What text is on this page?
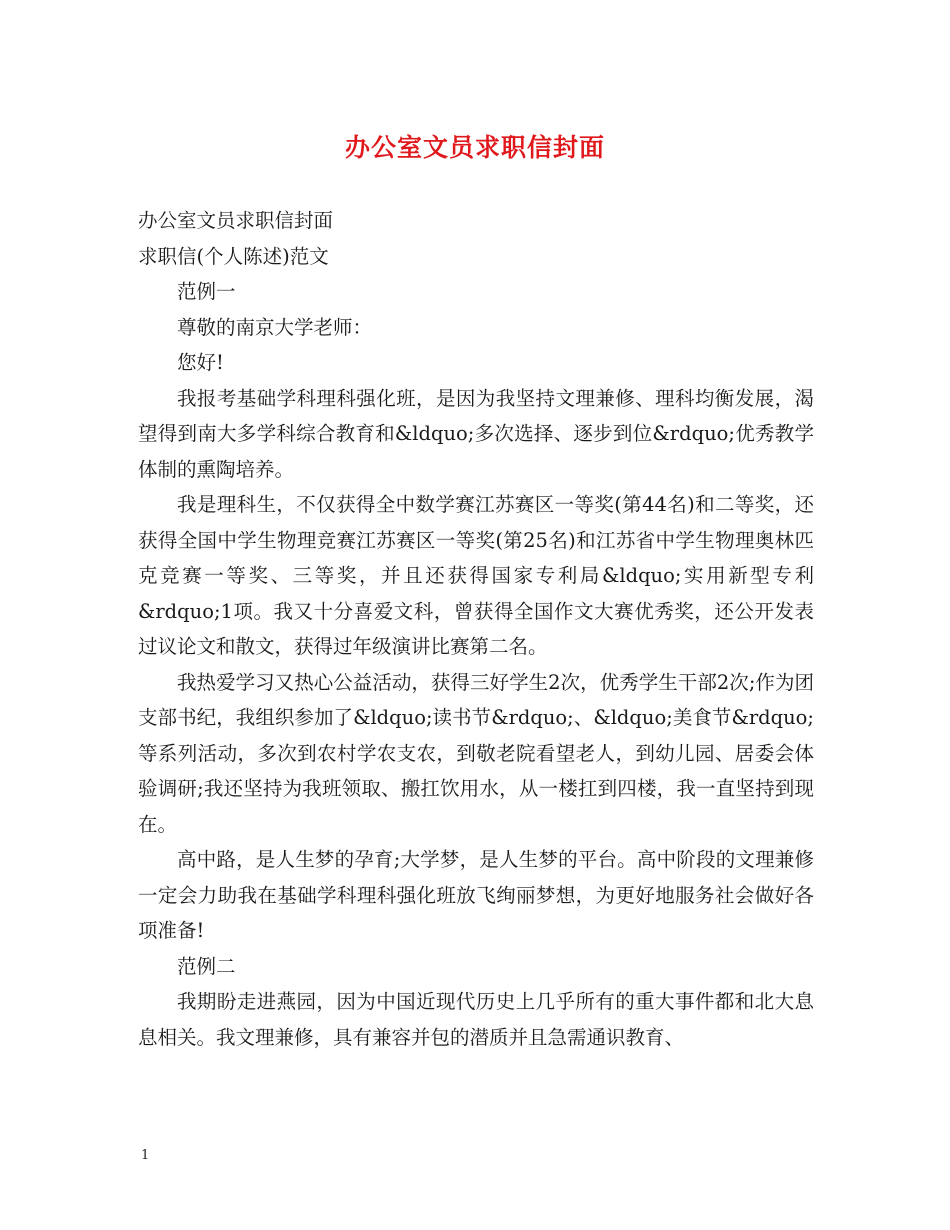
办公室文员求职信封面

办公室文员求职信封面

求职信(个人陈述)范文

范例一

尊敬的南京大学老师：

您好!

我报考基础学科理科强化班，是因为我坚持文理兼修、理科均衡发展，渴望得到南大多学科综合教育和&ldquo;多次选择、逐步到位&rdquo;优秀教学体制的熏陶培养。

我是理科生，不仅获得全中数学赛江苏赛区一等奖(第44名)和二等奖，还获得全国中学生物理竞赛江苏赛区一等奖(第25名)和江苏省中学生物理奥林匹克竞赛一等奖、三等奖，并且还获得国家专利局&ldquo;实用新型专利&rdquo;1项。我又十分喜爱文科，曾获得全国作文大赛优秀奖，还公开发表过议论文和散文，获得过年级演讲比赛第二名。

我热爱学习又热心公益活动，获得三好学生2次，优秀学生干部2次;作为团支部书纪，我组织参加了&ldquo;读书节&rdquo;、&ldquo;美食节&rdquo;等系列活动，多次到农村学农支农，到敬老院看望老人，到幼儿园、居委会体验调研;我还坚持为我班领取、搬扛饮用水，从一楼扛到四楼，我一直坚持到现在。

高中路，是人生梦的孕育;大学梦，是人生梦的平台。高中阶段的文理兼修一定会力助我在基础学科理科强化班放飞绚丽梦想，为更好地服务社会做好各项准备!

范例二

我期盼走进燕园，因为中国近现代历史上几乎所有的重大事件都和北大息息相关。我文理兼修，具有兼容并包的潜质并且急需通识教育、

1
